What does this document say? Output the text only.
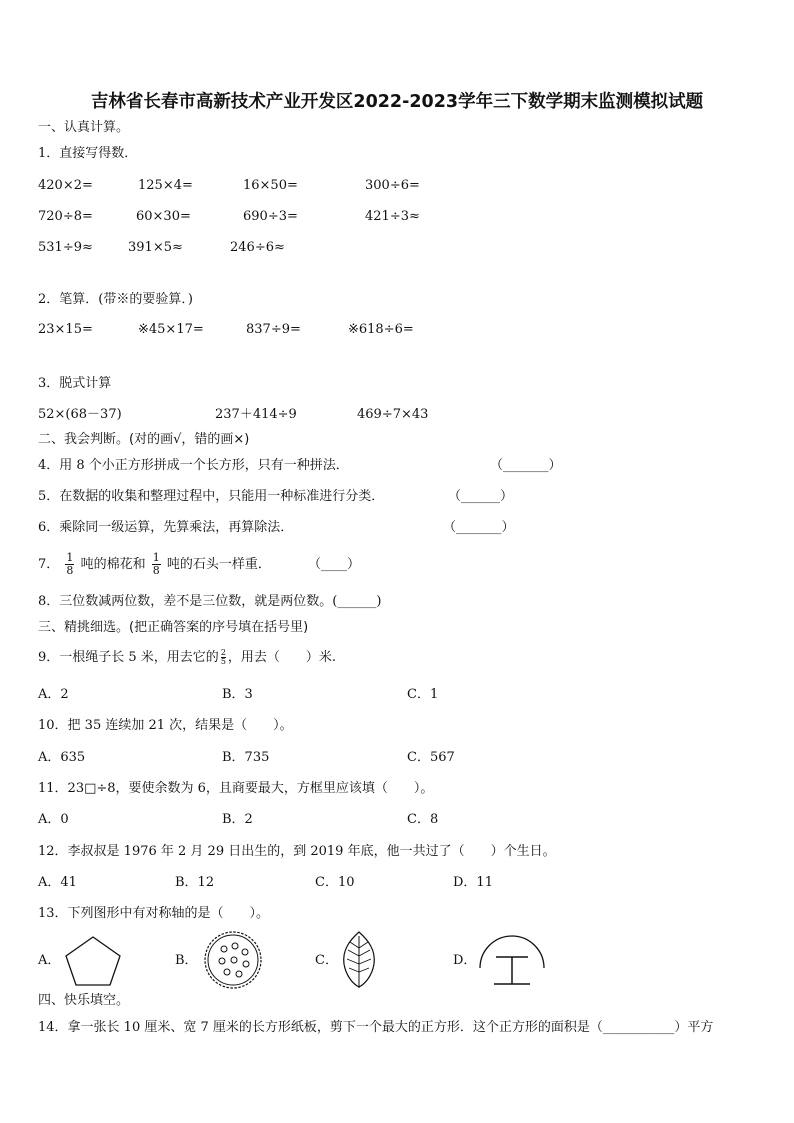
吉林省长春市高新技术产业开发区2022-2023学年三下数学期末监测模拟试题
一、认真计算。
1．直接写得数．
420×2=	125×4=	16×50=	300÷6=
720÷8=	60×30=	690÷3=	421÷3≈
531÷9≈	391×5≈	246÷6≈
2．笔算．(带※的要验算．)
23×15=	※45×17=	837÷9=	※618÷6=
3．脱式计算
52×(68－37)	237＋414÷9	469÷7×43
二、我会判断。(对的画√，错的画×)
4．用 8 个小正方形拼成一个长方形，只有一种拼法．	（_______）
5．在数据的收集和整理过程中，只能用一种标准进行分类．	（______）
6．乘除同一级运算，先算乘法，再算除法．	（_______）
7． $\frac{1}{8}$ 吨的棉花和 $\frac{1}{8}$ 吨的石头一样重．	（____）
8．三位数减两位数，差不是三位数，就是两位数。(______)
三、精挑细选。(把正确答案的序号填在括号里)
9．一根绳子长 5 米，用去它的 $\frac{2}{5}$ ，用去（　　）米.
A．2	B．3	C．1
10．把 35 连续加 21 次，结果是（　　）。
A．635	B．735	C．567
11．23□÷8，要使余数为 6，且商要最大，方框里应该填（　　）。
A．0	B．2	C．8
12．李叔叔是 1976 年 2 月 29 日出生的，到 2019 年底，他一共过了（　　）个生日。
A．41	B．12	C．10	D．11
13．下列图形中有对称轴的是（　　）。
A．	B．	C．	D．
四、快乐填空。
14．拿一张长 10 厘米、宽 7 厘米的长方形纸板，剪下一个最大的正方形．这个正方形的面积是（___________）平方
